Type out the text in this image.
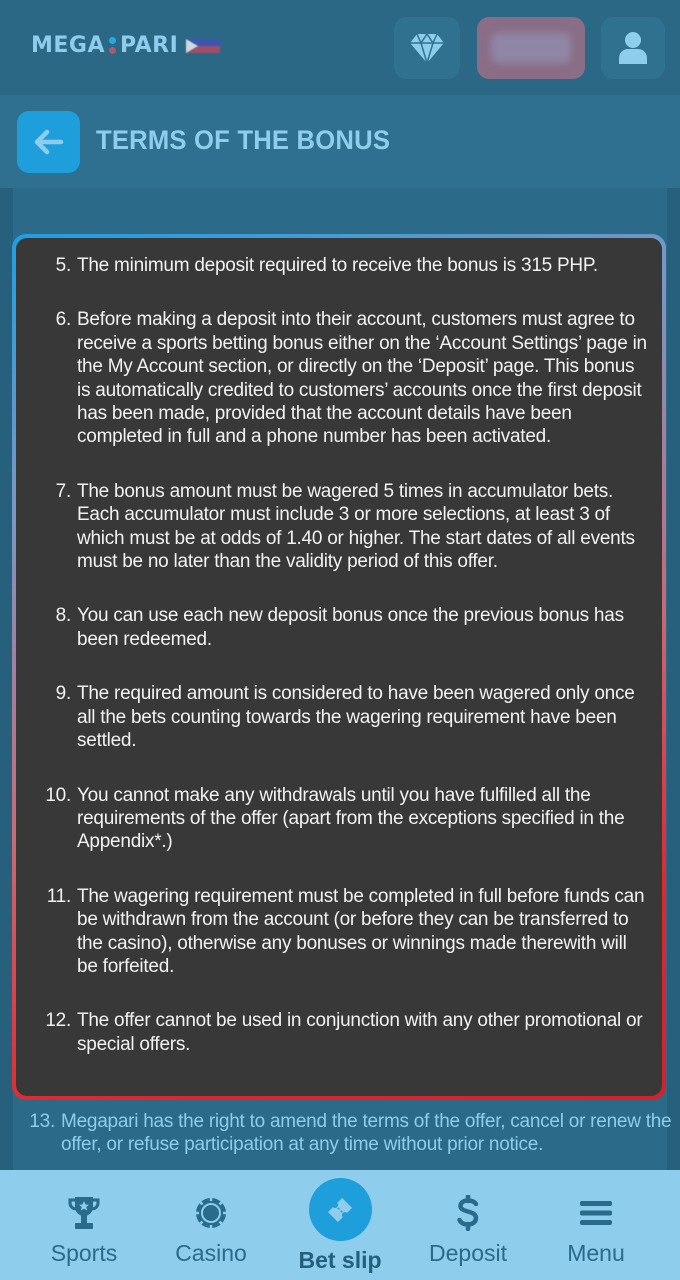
MEGA PARI
TERMS OF THE BONUS
5. The minimum deposit required to receive the bonus is 315 PHP.
6. Before making a deposit into their account, customers must agree to receive a sports betting bonus either on the ‘Account Settings’ page in the My Account section, or directly on the ‘Deposit’ page. This bonus is automatically credited to customers’ accounts once the first deposit has been made, provided that the account details have been completed in full and a phone number has been activated.
7. The bonus amount must be wagered 5 times in accumulator bets. Each accumulator must include 3 or more selections, at least 3 of which must be at odds of 1.40 or higher. The start dates of all events must be no later than the validity period of this offer.
8. You can use each new deposit bonus once the previous bonus has been redeemed.
9. The required amount is considered to have been wagered only once all the bets counting towards the wagering requirement have been settled.
10. You cannot make any withdrawals until you have fulfilled all the requirements of the offer (apart from the exceptions specified in the Appendix*.)
11. The wagering requirement must be completed in full before funds can be withdrawn from the account (or before they can be transferred to the casino), otherwise any bonuses or winnings made therewith will be forfeited.
12. The offer cannot be used in conjunction with any other promotional or special offers.
13. Megapari has the right to amend the terms of the offer, cancel or renew the offer, or refuse participation at any time without prior notice.
Sports	Casino Bet slip Deposit	Menu
